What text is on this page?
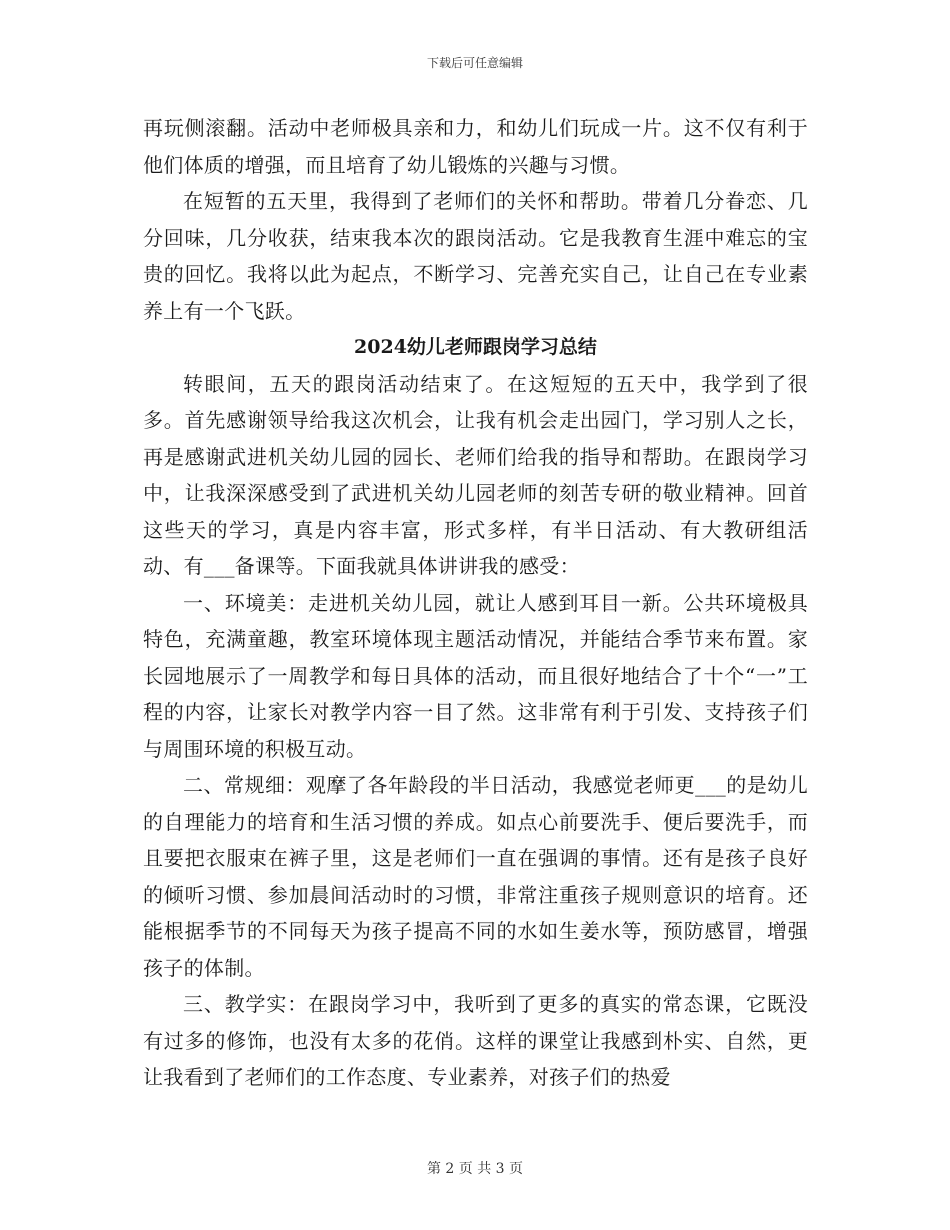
下载后可任意编辑

再玩侧滚翻。活动中老师极具亲和力，和幼儿们玩成一片。这不仅有利于他们体质的增强，而且培育了幼儿锻炼的兴趣与习惯。

在短暂的五天里，我得到了老师们的关怀和帮助。带着几分眷恋、几分回味，几分收获，结束我本次的跟岗活动。它是我教育生涯中难忘的宝贵的回忆。我将以此为起点，不断学习、完善充实自己，让自己在专业素养上有一个飞跃。

2024幼儿老师跟岗学习总结

转眼间，五天的跟岗活动结束了。在这短短的五天中，我学到了很多。首先感谢领导给我这次机会，让我有机会走出园门，学习别人之长，再是感谢武进机关幼儿园的园长、老师们给我的指导和帮助。在跟岗学习中，让我深深感受到了武进机关幼儿园老师的刻苦专研的敬业精神。回首这些天的学习，真是内容丰富，形式多样，有半日活动、有大教研组活动、有___备课等。下面我就具体讲讲我的感受：

一、环境美：走进机关幼儿园，就让人感到耳目一新。公共环境极具特色，充满童趣，教室环境体现主题活动情况，并能结合季节来布置。家长园地展示了一周教学和每日具体的活动，而且很好地结合了十个“一”工程的内容，让家长对教学内容一目了然。这非常有利于引发、支持孩子们与周围环境的积极互动。

二、常规细：观摩了各年龄段的半日活动，我感觉老师更___的是幼儿的自理能力的培育和生活习惯的养成。如点心前要洗手、便后要洗手，而且要把衣服束在裤子里，这是老师们一直在强调的事情。还有是孩子良好的倾听习惯、参加晨间活动时的习惯，非常注重孩子规则意识的培育。还能根据季节的不同每天为孩子提高不同的水如生姜水等，预防感冒，增强孩子的体制。

三、教学实：在跟岗学习中，我听到了更多的真实的常态课，它既没有过多的修饰，也没有太多的花俏。这样的课堂让我感到朴实、自然，更让我看到了老师们的工作态度、专业素养，对孩子们的热爱

第 2 页 共 3 页
